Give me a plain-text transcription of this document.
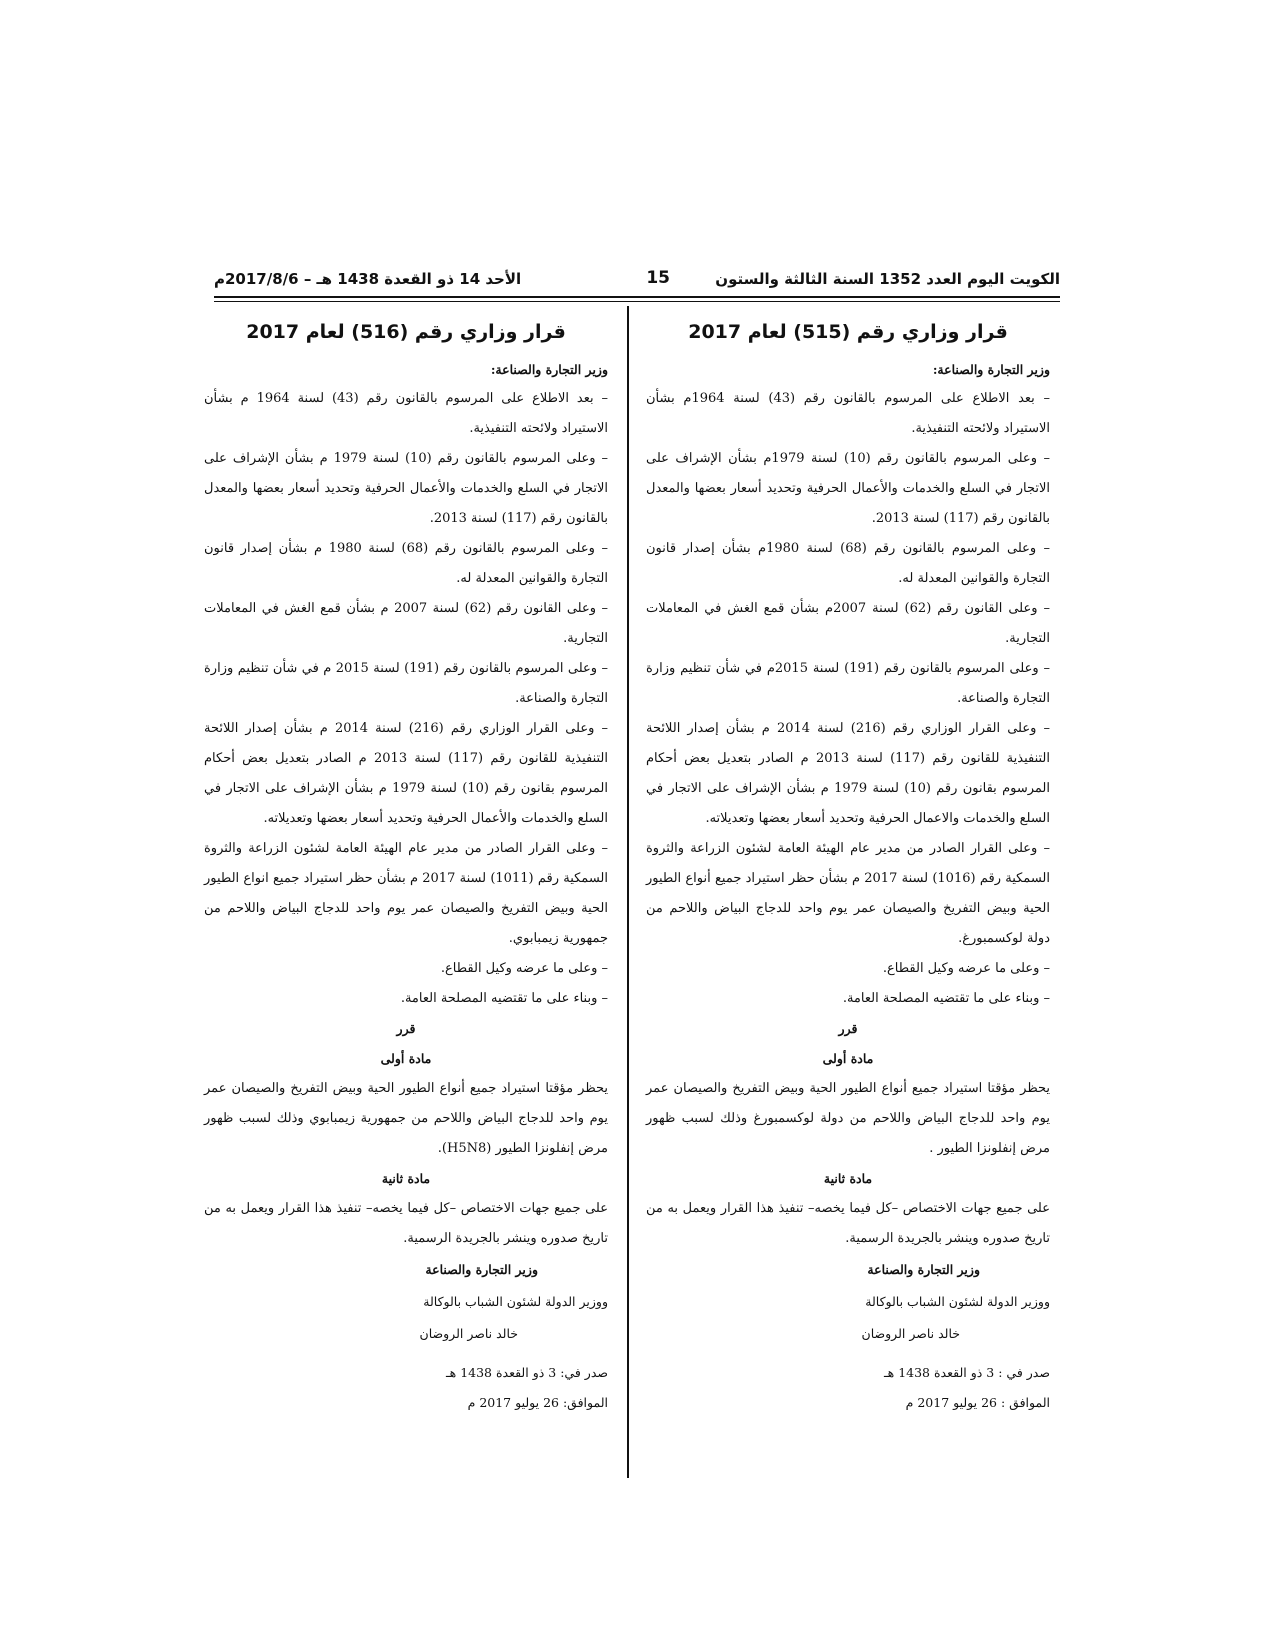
الكويت اليوم العدد 1352 السنة الثالثة والستون
15
الأحد 14 ذو القعدة 1438 هـ – 2017/8/6م
قرار وزاري رقم (515) لعام 2017
وزير التجارة والصناعة:

– بعد الاطلاع على المرسوم بالقانون رقم (43) لسنة 1964م بشأن الاستيراد ولائحته التنفيذية.

– وعلى المرسوم بالقانون رقم (10) لسنة 1979م بشأن الإشراف على الاتجار في السلع والخدمات والأعمال الحرفية وتحديد أسعار بعضها والمعدل بالقانون رقم (117) لسنة 2013.

– وعلى المرسوم بالقانون رقم (68) لسنة 1980م بشأن إصدار قانون التجارة والقوانين المعدلة له.

– وعلى القانون رقم (62) لسنة 2007م بشأن قمع الغش في المعاملات التجارية.

– وعلى المرسوم بالقانون رقم (191) لسنة 2015م في شأن تنظيم وزارة التجارة والصناعة.

– وعلى القرار الوزاري رقم (216) لسنة 2014 م بشأن إصدار اللائحة التنفيذية للقانون رقم (117) لسنة 2013 م الصادر بتعديل بعض أحكام المرسوم بقانون رقم (10) لسنة 1979 م بشأن الإشراف على الاتجار في السلع والخدمات والاعمال الحرفية وتحديد أسعار بعضها وتعديلاته.

– وعلى القرار الصادر من مدير عام الهيئة العامة لشئون الزراعة والثروة السمكية رقم (1016) لسنة 2017 م بشأن حظر استيراد جميع أنواع الطيور الحية وبيض التفريخ والصيصان عمر يوم واحد للدجاج البياض واللاحم من دولة لوكسمبورغ.

– وعلى ما عرضه وكيل القطاع.

– وبناء على ما تقتضيه المصلحة العامة.

قرر
مادة أولى

يحظر مؤقتا استيراد جميع أنواع الطيور الحية وبيض التفريخ والصيصان عمر يوم واحد للدجاج البياض واللاحم من دولة لوكسمبورغ وذلك لسبب ظهور مرض إنفلونزا الطيور .

مادة ثانية

على جميع جهات الاختصاص –كل فيما يخصه– تنفيذ هذا القرار ويعمل به من تاريخ صدوره وينشر بالجريدة الرسمية.

وزير التجارة والصناعة
ووزير الدولة لشئون الشباب بالوكالة
خالد ناصر الروضان
صدر في : 3 ذو القعدة 1438 هـ
الموافق : 26 يوليو 2017 م
قرار وزاري رقم (516) لعام 2017
وزير التجارة والصناعة:

– بعد الاطلاع على المرسوم بالقانون رقم (43) لسنة 1964 م بشأن الاستيراد ولائحته التنفيذية.

– وعلى المرسوم بالقانون رقم (10) لسنة 1979 م بشأن الإشراف على الاتجار في السلع والخدمات والأعمال الحرفية وتحديد أسعار بعضها والمعدل بالقانون رقم (117) لسنة 2013.

– وعلى المرسوم بالقانون رقم (68) لسنة 1980 م بشأن إصدار قانون التجارة والقوانين المعدلة له.

– وعلى القانون رقم (62) لسنة 2007 م بشأن قمع الغش في المعاملات التجارية.

– وعلى المرسوم بالقانون رقم (191) لسنة 2015 م في شأن تنظيم وزارة التجارة والصناعة.

– وعلى القرار الوزاري رقم (216) لسنة 2014 م بشأن إصدار اللائحة التنفيذية للقانون رقم (117) لسنة 2013 م الصادر بتعديل بعض أحكام المرسوم بقانون رقم (10) لسنة 1979 م بشأن الإشراف على الاتجار في السلع والخدمات والأعمال الحرفية وتحديد أسعار بعضها وتعديلاته.

– وعلى القرار الصادر من مدير عام الهيئة العامة لشئون الزراعة والثروة السمكية رقم (1011) لسنة 2017 م بشأن حظر استيراد جميع انواع الطيور الحية وبيض التفريخ والصيصان عمر يوم واحد للدجاج البياض واللاحم من جمهورية زيمبابوي.

– وعلى ما عرضه وكيل القطاع.

– وبناء على ما تقتضيه المصلحة العامة.

قرر
مادة أولى

يحظر مؤقتا استيراد جميع أنواع الطيور الحية وبيض التفريخ والصيصان عمر يوم واحد للدجاج البياض واللاحم من جمهورية زيمبابوي وذلك لسبب ظهور مرض إنفلونزا الطيور (H5N8).

مادة ثانية

على جميع جهات الاختصاص –كل فيما يخصه– تنفيذ هذا القرار ويعمل به من تاريخ صدوره وينشر بالجريدة الرسمية.

وزير التجارة والصناعة
ووزير الدولة لشئون الشباب بالوكالة
خالد ناصر الروضان
صدر في: 3 ذو القعدة 1438 هـ
الموافق: 26 يوليو 2017 م
